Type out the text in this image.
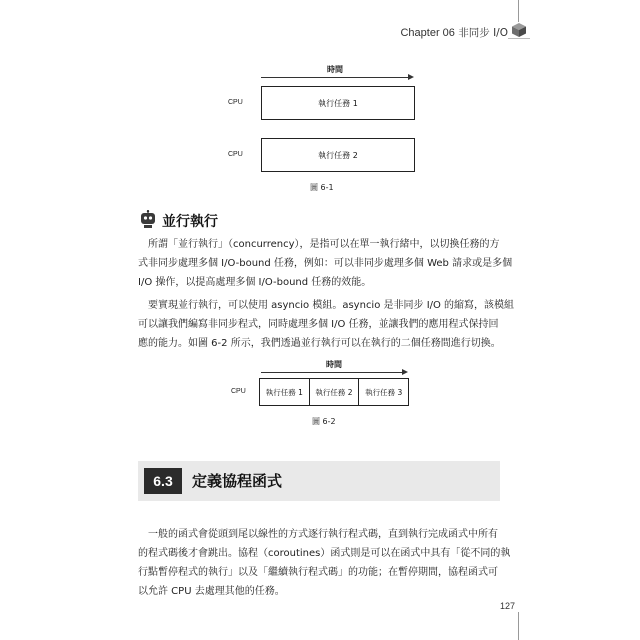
Chapter 06 非同步 I/O
時間
CPU	執行任務 1
CPU	執行任務 2
圖 6-1
並行執行
所謂「並行執行」（concurrency），是指可以在單一執行緒中，以切換任務的方
式非同步處理多個 I/O-bound 任務，例如：可以非同步處理多個 Web 請求或是多個
I/O 操作，以提高處理多個 I/O-bound 任務的效能。
要實現並行執行，可以使用 asyncio 模組。asyncio 是非同步 I/O 的縮寫，該模組
可以讓我們編寫非同步程式，同時處理多個 I/O 任務，並讓我們的應用程式保持回
應的能力。如圖 6-2 所示，我們透過並行執行可以在執行的二個任務間進行切換。
時間
CPU	執行任務 1	執行任務 2	執行任務 3
圖 6-2
6.3	定義協程函式
一般的函式會從頭到尾以線性的方式逐行執行程式碼，直到執行完成函式中所有
的程式碼後才會跳出。協程（coroutines）函式則是可以在函式中具有「從不同的執
行點暫停程式的執行」以及「繼續執行程式碼」的功能；在暫停期間，協程函式可
以允許 CPU 去處理其他的任務。
127
